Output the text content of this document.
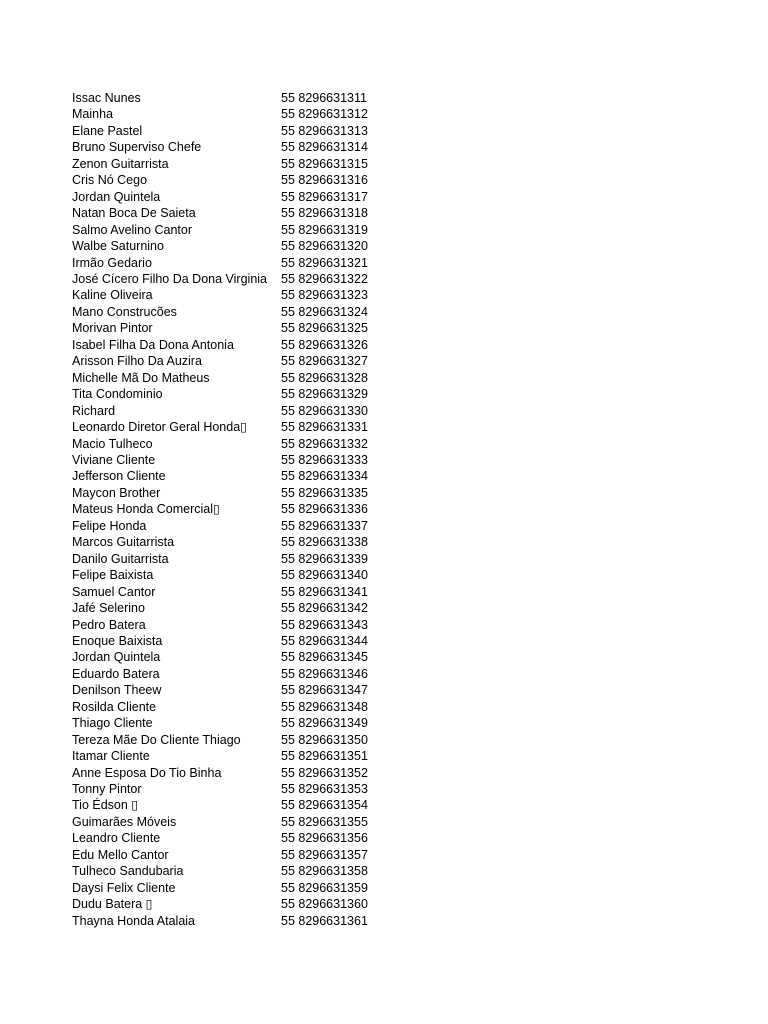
Issac Nunes	55 8296631311
Mainha	55 8296631312
Elane Pastel	55 8296631313
Bruno Superviso Chefe	55 8296631314
Zenon Guitarrista	55 8296631315
Cris Nó Cego	55 8296631316
Jordan Quintela	55 8296631317
Natan Boca De Saieta	55 8296631318
Salmo Avelino Cantor	55 8296631319
Walbe Saturnino	55 8296631320
Irmão Gedario	55 8296631321
José Cícero Filho Da Dona Virginia	55 8296631322
Kaline Oliveira	55 8296631323
Mano Construcões	55 8296631324
Morivan Pintor	55 8296631325
Isabel Filha Da Dona Antonia	55 8296631326
Arisson Filho Da Auzira	55 8296631327
Michelle Mã Do Matheus	55 8296631328
Tita Condominio	55 8296631329
Richard	55 8296631330
Leonardo Diretor Geral Honda▯	55 8296631331
Macio Tulheco	55 8296631332
Viviane Cliente	55 8296631333
Jefferson Cliente	55 8296631334
Maycon Brother	55 8296631335
Mateus Honda Comercial▯	55 8296631336
Felipe Honda	55 8296631337
Marcos Guitarrista	55 8296631338
Danilo Guitarrista	55 8296631339
Felipe Baixista	55 8296631340
Samuel Cantor	55 8296631341
Jafé Selerino	55 8296631342
Pedro Batera	55 8296631343
Enoque Baixista	55 8296631344
Jordan Quintela	55 8296631345
Eduardo Batera	55 8296631346
Denilson Theew	55 8296631347
Rosilda Cliente	55 8296631348
Thiago Cliente	55 8296631349
Tereza Mãe Do Cliente Thiago	55 8296631350
Itamar Cliente	55 8296631351
Anne Esposa Do Tio Binha	55 8296631352
Tonny Pintor	55 8296631353
Tio Édson ▯	55 8296631354
Guimarães Móveis	55 8296631355
Leandro Cliente	55 8296631356
Edu Mello Cantor	55 8296631357
Tulheco Sandubaria	55 8296631358
Daysi Felix Cliente	55 8296631359
Dudu Batera ▯	55 8296631360
Thayna Honda Atalaia	55 8296631361
